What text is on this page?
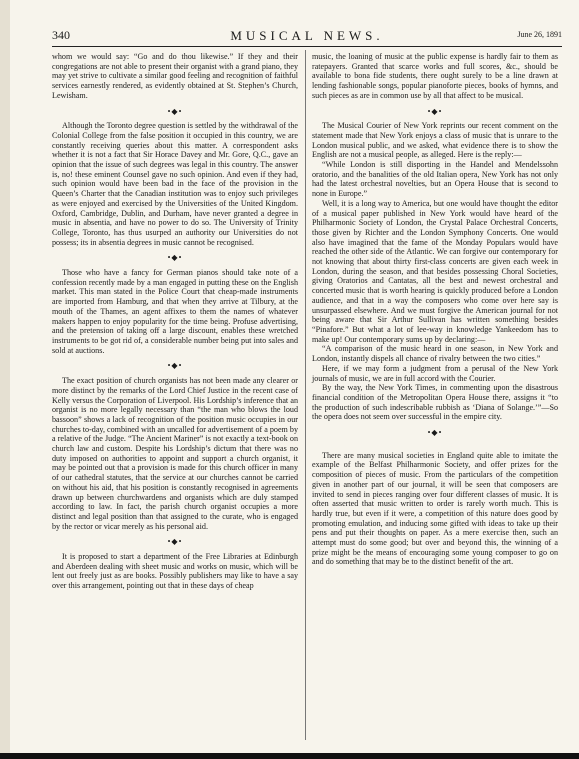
340	MUSICAL NEWS.	June 26, 1891

whom we would say: “Go and do thou likewise.” If they and their congregations are not able to present their organist with a grand piano, they may yet strive to cultivate a similar good feeling and recognition of faithful services earnestly rendered, as evidently obtained at St. Stephen’s Church, Lewisham.

•◆•

Although the Toronto degree question is settled by the withdrawal of the Colonial College from the false position it occupied in this country, we are constantly receiving queries about this matter. A correspondent asks whether it is not a fact that Sir Horace Davey and Mr. Gore, Q.C., gave an opinion that the issue of such degrees was legal in this country. The answer is, no! these eminent Counsel gave no such opinion. And even if they had, such opinion would have been bad in the face of the provision in the Queen’s Charter that the Canadian institution was to enjoy such privileges as were enjoyed and exercised by the Universities of the United Kingdom. Oxford, Cambridge, Dublin, and Durham, have never granted a degree in music in absentia, and have no power to do so. The University of Trinity College, Toronto, has thus usurped an authority our Universities do not possess; its in absentia degrees in music cannot be recognised.

•◆•

Those who have a fancy for German pianos should take note of a confession recently made by a man engaged in putting these on the English market. This man stated in the Police Court that cheap-made instruments are imported from Hamburg, and that when they arrive at Tilbury, at the mouth of the Thames, an agent affixes to them the names of whatever makers happen to enjoy popularity for the time being. Profuse advertising, and the pretension of taking off a large discount, enables these wretched instruments to be got rid of, a considerable number being put into sales and sold at auctions.

•◆•

The exact position of church organists has not been made any clearer or more distinct by the remarks of the Lord Chief Justice in the recent case of Kelly versus the Corporation of Liverpool. His Lordship’s inference that an organist is no more legally necessary than “the man who blows the loud bassoon” shows a lack of recognition of the position music occupies in our churches to-day, combined with an uncalled for advertisement of a poem by a relative of the Judge. “The Ancient Mariner” is not exactly a text-book on church law and custom. Despite his Lordship’s dictum that there was no duty imposed on authorities to appoint and support a church organist, it may be pointed out that a provision is made for this church officer in many of our cathedral statutes, that the service at our churches cannot be carried on without his aid, that his position is constantly recognised in agreements drawn up between churchwardens and organists which are duly stamped according to law. In fact, the parish church organist occupies a more distinct and legal position than that assigned to the curate, who is engaged by the rector or vicar merely as his personal aid.

•◆•

It is proposed to start a department of the Free Libraries at Edinburgh and Aberdeen dealing with sheet music and works on music, which will be lent out freely just as are books. Possibly publishers may like to have a say over this arrangement, pointing out that in these days of cheap

music, the loaning of music at the public expense is hardly fair to them as ratepayers. Granted that scarce works and full scores, &c., should be available to bona fide students, there ought surely to be a line drawn at lending fashionable songs, popular pianoforte pieces, books of hymns, and such pieces as are in common use by all that affect to be musical.

•◆•

The Musical Courier of New York reprints our recent comment on the statement made that New York enjoys a class of music that is unrare to the London musical public, and we asked, what evidence there is to show the English are not a musical people, as alleged. Here is the reply:—

“While London is still disporting in the Handel and Mendelssohn oratorio, and the banalities of the old Italian opera, New York has not only had the latest orchestral novelties, but an Opera House that is second to none in Europe.”

Well, it is a long way to America, but one would have thought the editor of a musical paper published in New York would have heard of the Philharmonic Society of London, the Crystal Palace Orchestral Concerts, those given by Richter and the London Symphony Concerts. One would also have imagined that the fame of the Monday Populars would have reached the other side of the Atlantic. We can forgive our contemporary for not knowing that about thirty first-class concerts are given each week in London, during the season, and that besides possessing Choral Societies, giving Oratorios and Cantatas, all the best and newest orchestral and concerted music that is worth hearing is quickly produced before a London audience, and that in a way the composers who come over here say is unsurpassed elsewhere. And we must forgive the American journal for not being aware that Sir Arthur Sullivan has written something besides “Pinafore.” But what a lot of lee-way in knowledge Yankeedom has to make up! Our contemporary sums up by declaring:—

“A comparison of the music heard in one season, in New York and London, instantly dispels all chance of rivalry between the two cities.”

Here, if we may form a judgment from a perusal of the New York journals of music, we are in full accord with the Courier.

By the way, the New York Times, in commenting upon the disastrous financial condition of the Metropolitan Opera House there, assigns it “to the production of such indescribable rubbish as ‘Diana of Solange.’”—So the opera does not seem over successful in the empire city.

•◆•

There are many musical societies in England quite able to imitate the example of the Belfast Philharmonic Society, and offer prizes for the composition of pieces of music. From the particulars of the competition given in another part of our journal, it will be seen that composers are invited to send in pieces ranging over four different classes of music. It is often asserted that music written to order is rarely worth much. This is hardly true, but even if it were, a competition of this nature does good by promoting emulation, and inducing some gifted with ideas to take up their pens and put their thoughts on paper. As a mere exercise then, such an attempt must do some good; but over and beyond this, the winning of a prize might be the means of encouraging some young composer to go on and do something that may be to the distinct benefit of the art.
